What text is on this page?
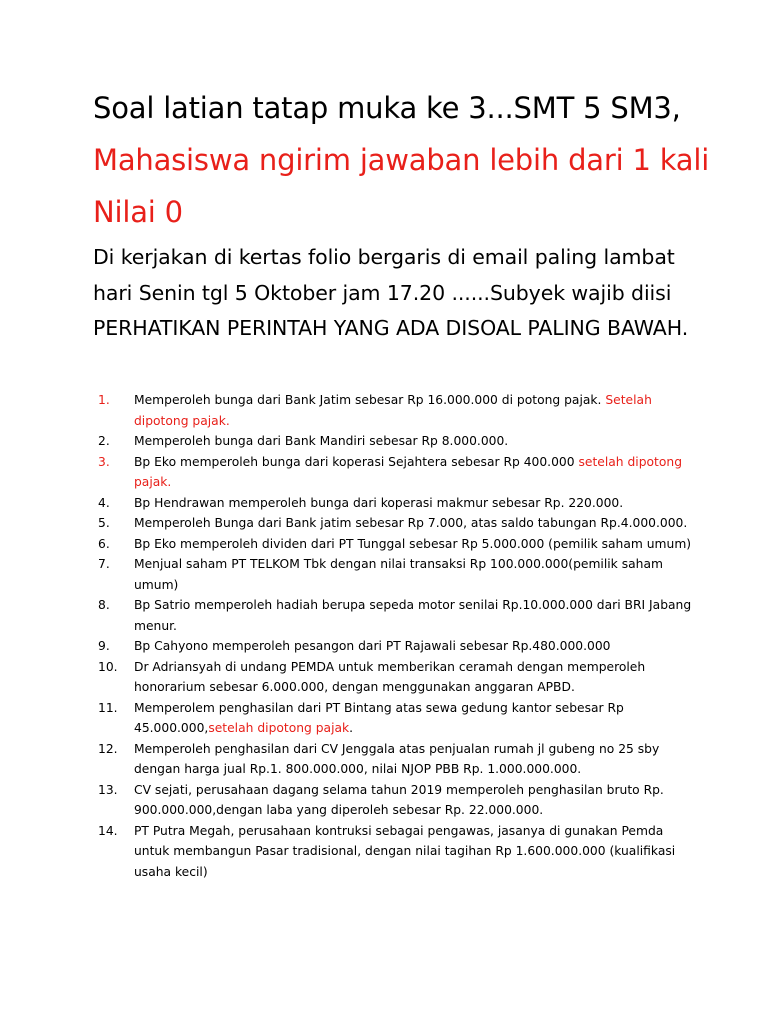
Soal latian tatap muka ke 3...SMT 5 SM3, Mahasiswa ngirim jawaban lebih dari 1 kali Nilai 0

Di kerjakan di kertas folio bergaris di email paling lambat hari Senin tgl 5 Oktober jam 17.20 ......Subyek wajib diisi PERHATIKAN PERINTAH YANG ADA DISOAL PALING BAWAH.

1.	Memperoleh bunga dari Bank Jatim sebesar Rp 16.000.000 di potong pajak. Setelah dipotong pajak.
2.	Memperoleh bunga dari Bank Mandiri sebesar Rp 8.000.000.
3.	Bp Eko memperoleh bunga dari koperasi Sejahtera sebesar Rp 400.000 setelah dipotong pajak.
4.	Bp Hendrawan memperoleh bunga dari koperasi makmur sebesar Rp. 220.000.
5.	Memperoleh Bunga dari Bank jatim sebesar Rp 7.000, atas saldo tabungan Rp.4.000.000.
6.	Bp Eko memperoleh dividen dari PT Tunggal sebesar Rp 5.000.000 (pemilik saham umum)
7.	Menjual saham PT TELKOM Tbk dengan nilai transaksi Rp 100.000.000(pemilik saham umum)
8.	Bp Satrio memperoleh hadiah berupa sepeda motor senilai Rp.10.000.000 dari BRI Jabang menur.
9.	Bp Cahyono memperoleh pesangon dari PT Rajawali sebesar Rp.480.000.000
10.	Dr Adriansyah di undang PEMDA untuk memberikan ceramah dengan memperoleh honorarium sebesar 6.000.000, dengan menggunakan anggaran APBD.
11.	Memperolem penghasilan dari PT Bintang atas sewa gedung kantor sebesar Rp 45.000.000,setelah dipotong pajak.
12.	Memperoleh penghasilan dari CV Jenggala atas penjualan rumah jl gubeng no 25 sby dengan harga jual Rp.1. 800.000.000, nilai NJOP PBB Rp. 1.000.000.000.
13.	CV sejati, perusahaan dagang selama tahun 2019 memperoleh penghasilan bruto Rp. 900.000.000,dengan laba yang diperoleh sebesar Rp. 22.000.000.
14.	PT Putra Megah, perusahaan kontruksi sebagai pengawas, jasanya di gunakan Pemda untuk membangun Pasar tradisional, dengan nilai tagihan Rp 1.600.000.000 (kualifikasi usaha kecil)
